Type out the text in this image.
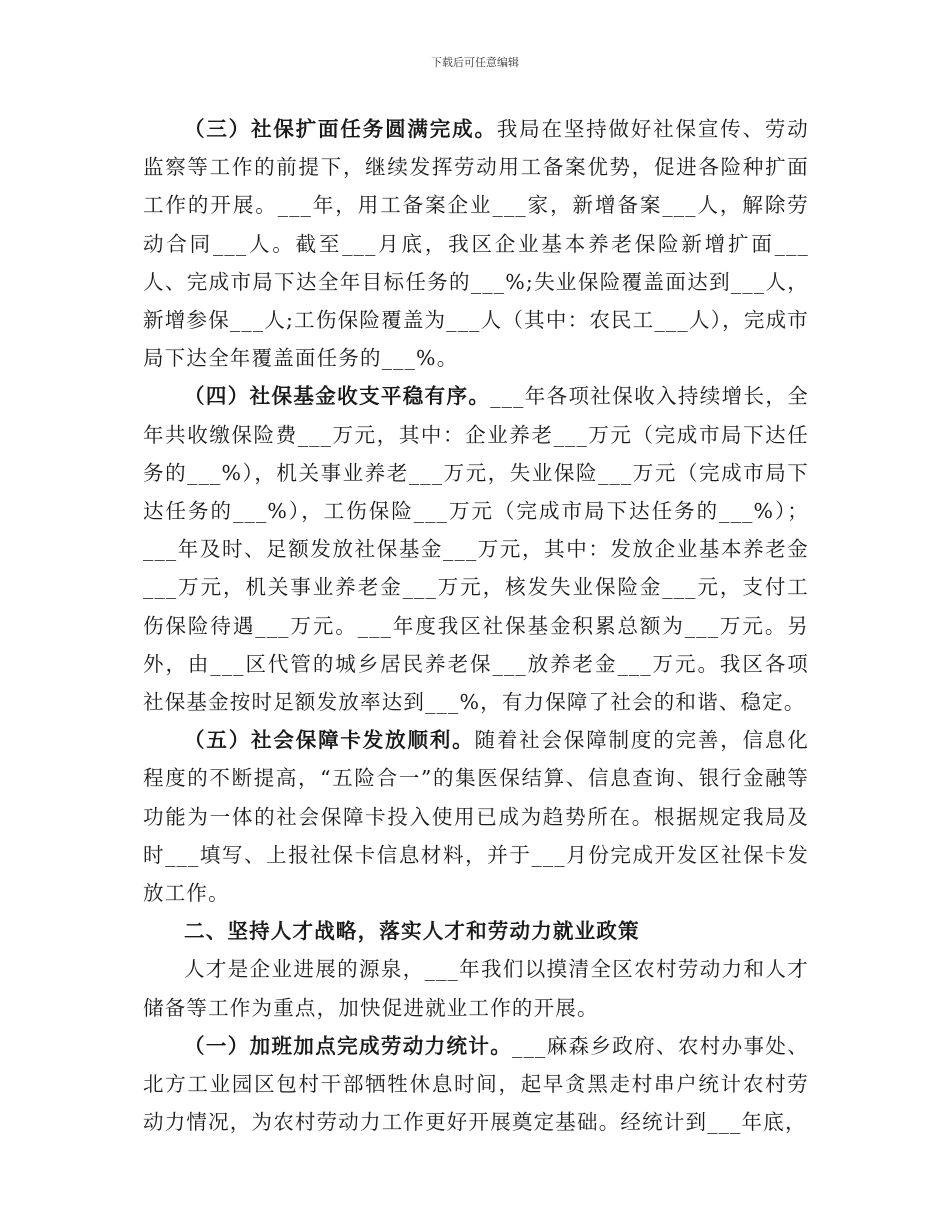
下载后可任意编辑

（三）社保扩面任务圆满完成。我局在坚持做好社保宣传、劳动监察等工作的前提下，继续发挥劳动用工备案优势，促进各险种扩面工作的开展。___年，用工备案企业___家，新增备案___人，解除劳动合同___人。截至___月底，我区企业基本养老保险新增扩面___人、完成市局下达全年目标任务的___%;失业保险覆盖面达到___人，新增参保___人;工伤保险覆盖为___人（其中：农民工___人），完成市局下达全年覆盖面任务的___%。

（四）社保基金收支平稳有序。___年各项社保收入持续增长，全年共收缴保险费___万元，其中：企业养老___万元（完成市局下达任务的___%），机关事业养老___万元，失业保险___万元（完成市局下达任务的___%），工伤保险___万元（完成市局下达任务的___%）；___年及时、足额发放社保基金___万元，其中：发放企业基本养老金___万元，机关事业养老金___万元，核发失业保险金___元，支付工伤保险待遇___万元。___年度我区社保基金积累总额为___万元。另外，由___区代管的城乡居民养老保___放养老金___万元。我区各项社保基金按时足额发放率达到___%，有力保障了社会的和谐、稳定。

（五）社会保障卡发放顺利。随着社会保障制度的完善，信息化程度的不断提高，“五险合一”的集医保结算、信息查询、银行金融等功能为一体的社会保障卡投入使用已成为趋势所在。根据规定我局及时___填写、上报社保卡信息材料，并于___月份完成开发区社保卡发放工作。

二、坚持人才战略，落实人才和劳动力就业政策

人才是企业进展的源泉，___年我们以摸清全区农村劳动力和人才储备等工作为重点，加快促进就业工作的开展。

（一）加班加点完成劳动力统计。___麻森乡政府、农村办事处、北方工业园区包村干部牺牲休息时间，起早贪黑走村串户统计农村劳动力情况，为农村劳动力工作更好开展奠定基础。经统计到___年底，
